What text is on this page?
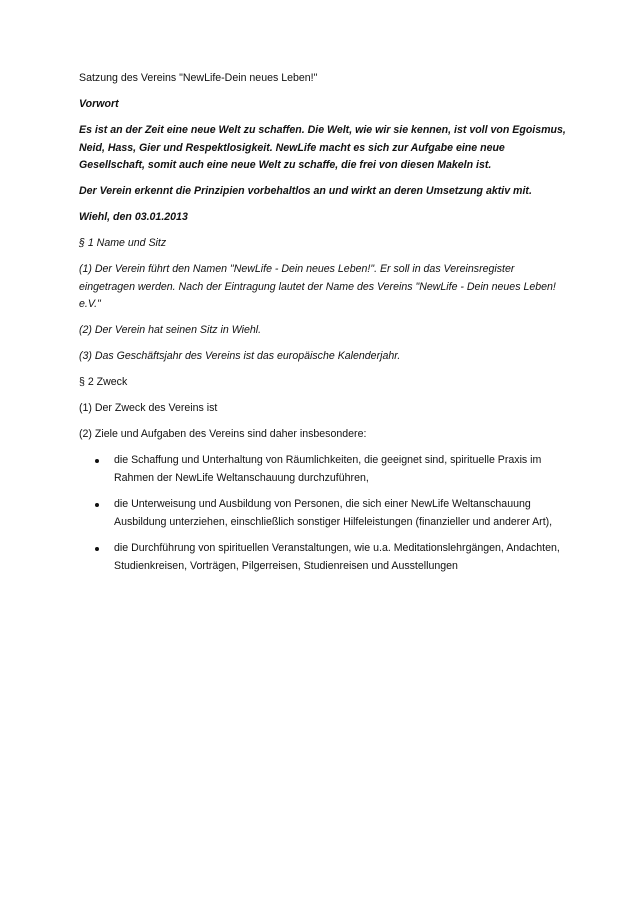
Satzung des Vereins "NewLife-Dein neues Leben!"

Vorwort

Es ist an der Zeit eine neue Welt zu schaffen. Die Welt, wie wir sie kennen, ist voll von Egoismus, Neid, Hass, Gier und Respektlosigkeit. NewLife macht es sich zur Aufgabe eine neue Gesellschaft, somit auch eine neue Welt zu schaffe, die frei von diesen Makeln ist.

Der Verein erkennt die Prinzipien vorbehaltlos an und wirkt an deren Umsetzung aktiv mit.

Wiehl, den 03.01.2013

§ 1 Name und Sitz

(1) Der Verein führt den Namen "NewLife - Dein neues Leben!". Er soll in das Vereinsregister eingetragen werden. Nach der Eintragung lautet der Name des Vereins "NewLife - Dein neues Leben! e.V."

(2) Der Verein hat seinen Sitz in Wiehl.

(3) Das Geschäftsjahr des Vereins ist das europäische Kalenderjahr.

§ 2 Zweck

(1) Der Zweck des Vereins ist

(2) Ziele und Aufgaben des Vereins sind daher insbesondere:

die Schaffung und Unterhaltung von Räumlichkeiten, die geeignet sind, spirituelle Praxis im Rahmen der NewLife Weltanschauung durchzuführen,
die Unterweisung und Ausbildung von Personen, die sich einer NewLife Weltanschauung Ausbildung unterziehen, einschließlich sonstiger Hilfeleistungen (finanzieller und anderer Art),
die Durchführung von spirituellen Veranstaltungen, wie u.a. Meditationslehrgängen, Andachten, Studienkreisen, Vorträgen, Pilgerreisen, Studienreisen und Ausstellungen
